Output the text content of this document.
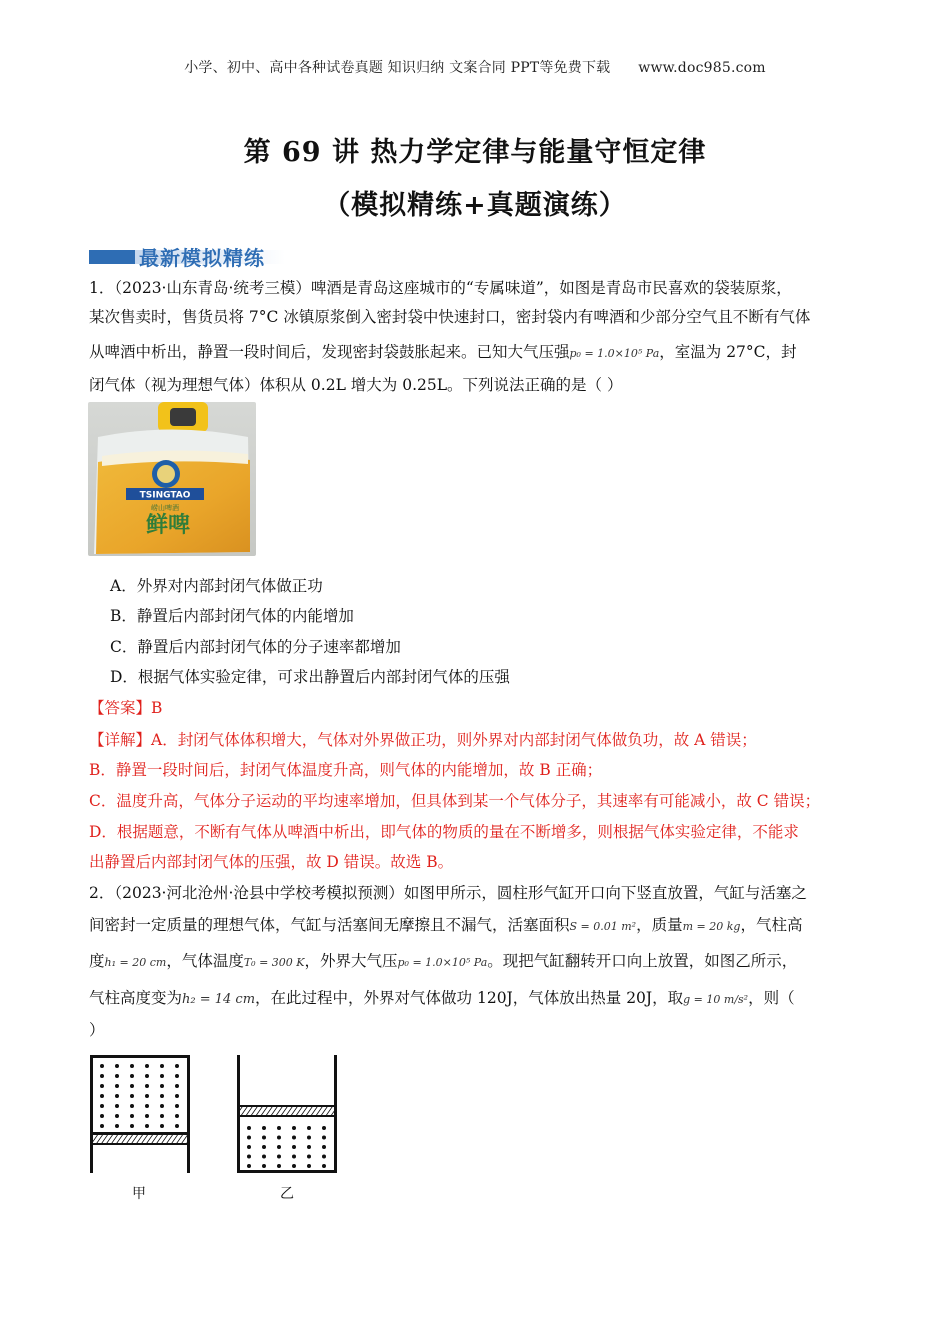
小学、初中、高中各种试卷真题 知识归纳 文案合同 PPT等免费下载 www.doc985.com
第 69 讲 热力学定律与能量守恒定律
（模拟精练+真题演练）
最新模拟精练
1．（2023·山东青岛·统考三模）啤酒是青岛这座城市的“专属味道”，如图是青岛市民喜欢的袋装原浆，
某次售卖时，售货员将 7°C 冰镇原浆倒入密封袋中快速封口，密封袋内有啤酒和少部分空气且不断有气体
从啤酒中析出，静置一段时间后，发现密封袋鼓胀起来。已知大气压强p₀ = 1.0×10⁵ Pa，室温为 27°C，封
闭气体（视为理想气体）体积从 0.2L 增大为 0.25L。下列说法正确的是（ ）
TSINGTAO
崂山啤酒
鲜啤
A．外界对内部封闭气体做正功
B．静置后内部封闭气体的内能增加
C．静置后内部封闭气体的分子速率都增加
D．根据气体实验定律，可求出静置后内部封闭气体的压强
【答案】B
【详解】A．封闭气体体积增大，气体对外界做正功，则外界对内部封闭气体做负功，故 A 错误；
B．静置一段时间后，封闭气体温度升高，则气体的内能增加，故 B 正确；
C．温度升高，气体分子运动的平均速率增加，但具体到某一个气体分子，其速率有可能减小，故 C 错误；
D．根据题意，不断有气体从啤酒中析出，即气体的物质的量在不断增多，则根据气体实验定律，不能求
出静置后内部封闭气体的压强，故 D 错误。故选 B。
2．（2023·河北沧州·沧县中学校考模拟预测）如图甲所示，圆柱形气缸开口向下竖直放置，气缸与活塞之
间密封一定质量的理想气体，气缸与活塞间无摩擦且不漏气，活塞面积S = 0.01 m²，质量m = 20 kg，气柱高
度h₁ = 20 cm，气体温度T₀ = 300 K，外界大气压p₀ = 1.0×10⁵ Pa。现把气缸翻转开口向上放置，如图乙所示，
气柱高度变为h₂ = 14 cm，在此过程中，外界对气体做功 120J，气体放出热量 20J，取g = 10 m/s²，则（
）
甲	乙
